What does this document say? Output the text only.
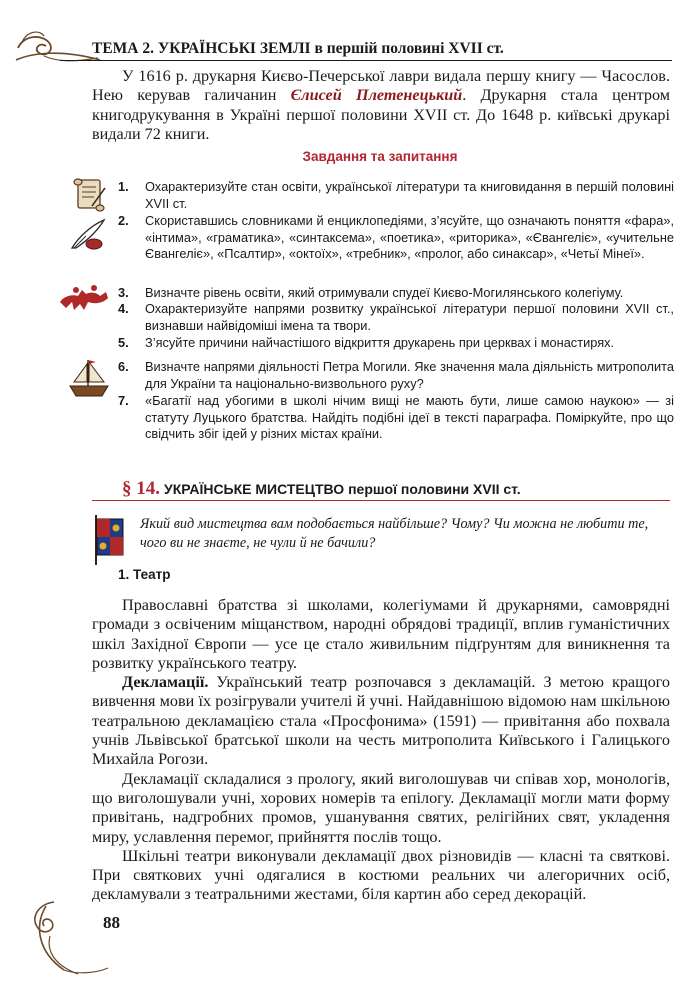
ТЕМА 2. УКРАЇНСЬКІ ЗЕМЛІ в першій половині XVII ст.

У 1616 р. друкарня Києво-Печерської лаври видала першу книгу — Часослов. Нею керував галичанин Єлисей Плетенецький. Друкарня стала центром книгодрукування в Україні першої половини XVII ст. До 1648 р. київські друкарі видали 72 книги.

Завдання та запитання
1. Охарактеризуйте стан освіти, української літератури та книговидання в першій половині XVII ст.
2. Скориставшись словниками й енциклопедіями, з’ясуйте, що означають поняття «фара», «інтима», «граматика», «синтаксема», «поетика», «риторика», «Євангеліє», «учительне Євангеліє», «Псалтир», «октоїх», «требник», «пролог, або синаксар», «Четьї Мінеї».
3. Визначте рівень освіти, який отримували спудеї Києво-Могилянського колегіуму.
4. Охарактеризуйте напрями розвитку української літератури першої половини XVII ст., визнавши найвідоміші імена та твори.
5. З’ясуйте причини найчастішого відкриття друкарень при церквах і монастирях.
6. Визначте напрями діяльності Петра Могили. Яке значення мала діяльність митрополита для України та національно-визвольного руху?
7. «Багатії над убогими в школі нічим вищі не мають бути, лише самою наукою» — зі статуту Луцького братства. Найдіть подібні ідеї в тексті параграфа. Поміркуйте, про що свідчить збіг ідей у різних містах країни.
§ 14. УКРАЇНСЬКЕ МИСТЕЦТВО першої половини XVII ст.
Який вид мистецтва вам подобається найбільше? Чому? Чи можна не любити те, чого ви не знаєте, не чули й не бачили?
1. Театр

Православні братства зі школами, колегіумами й друкарнями, самоврядні громади з освіченим міщанством, народні обрядові традиції, вплив гуманістичних шкіл Західної Європи — усе це стало живильним підґрунтям для виникнення та розвитку українського театру.

Декламації. Український театр розпочався з декламацій. З метою кращого вивчення мови їх розігрували учителі й учні. Найдавнішою відомою нам шкільною театральною декламацією стала «Просфонима» (1591) — привітання або похвала учнів Львівської братської школи на честь митрополита Київського і Галицького Михайла Рогози.

Декламації складалися з прологу, який виголошував чи співав хор, монологів, що виголошували учні, хорових номерів та епілогу. Декламації могли мати форму привітань, надгробних промов, ушанування святих, релігійних свят, укладення миру, уславлення перемог, прийняття послів тощо.

Шкільні театри виконували декламації двох різновидів — класні та святкові. При святкових учні одягалися в костюми реальних чи алегоричних осіб, декламували з театральними жестами, біля картин або серед декорацій.

88
